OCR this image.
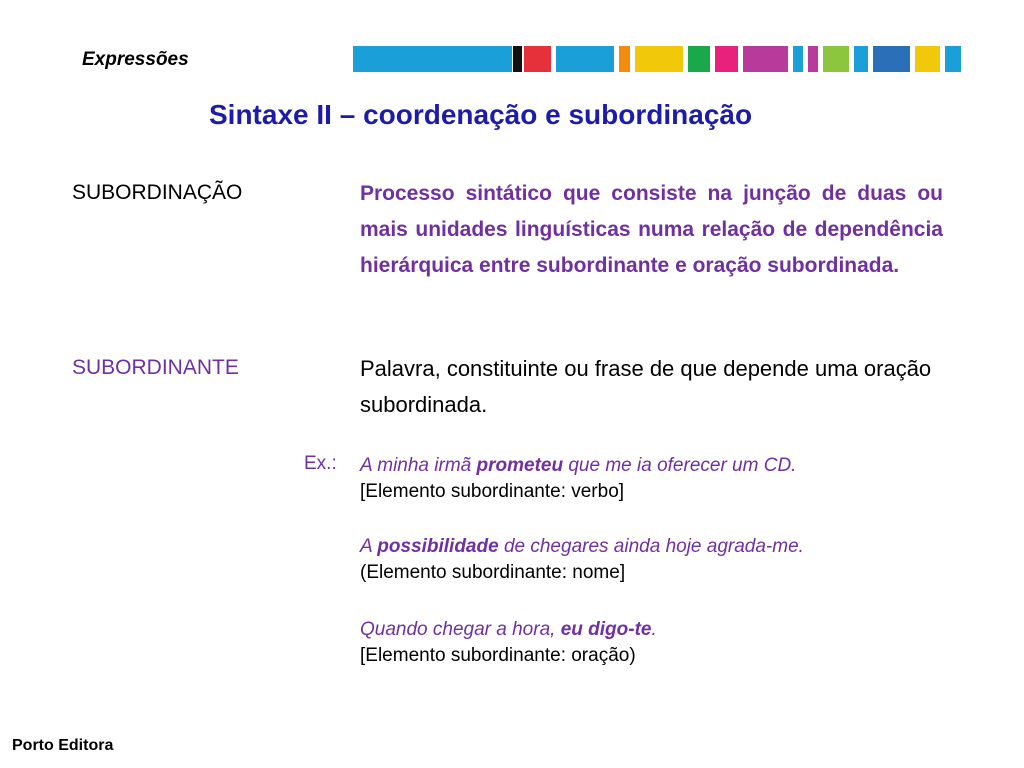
Expressões
Sintaxe II – coordenação e subordinação
SUBORDINAÇÃO	Processo sintático que consiste na junção de duas ou mais unidades linguísticas numa relação de dependência hierárquica entre subordinante e oração subordinada.
SUBORDINANTE	Palavra, constituinte ou frase de que depende uma oração subordinada.
Ex.: A minha irmã prometeu que me ia oferecer um CD.
[Elemento subordinante: verbo]
A possibilidade de chegares ainda hoje agrada-me.
(Elemento subordinante: nome]
Quando chegar a hora, eu digo-te.
[Elemento subordinante: oração)
Porto Editora
